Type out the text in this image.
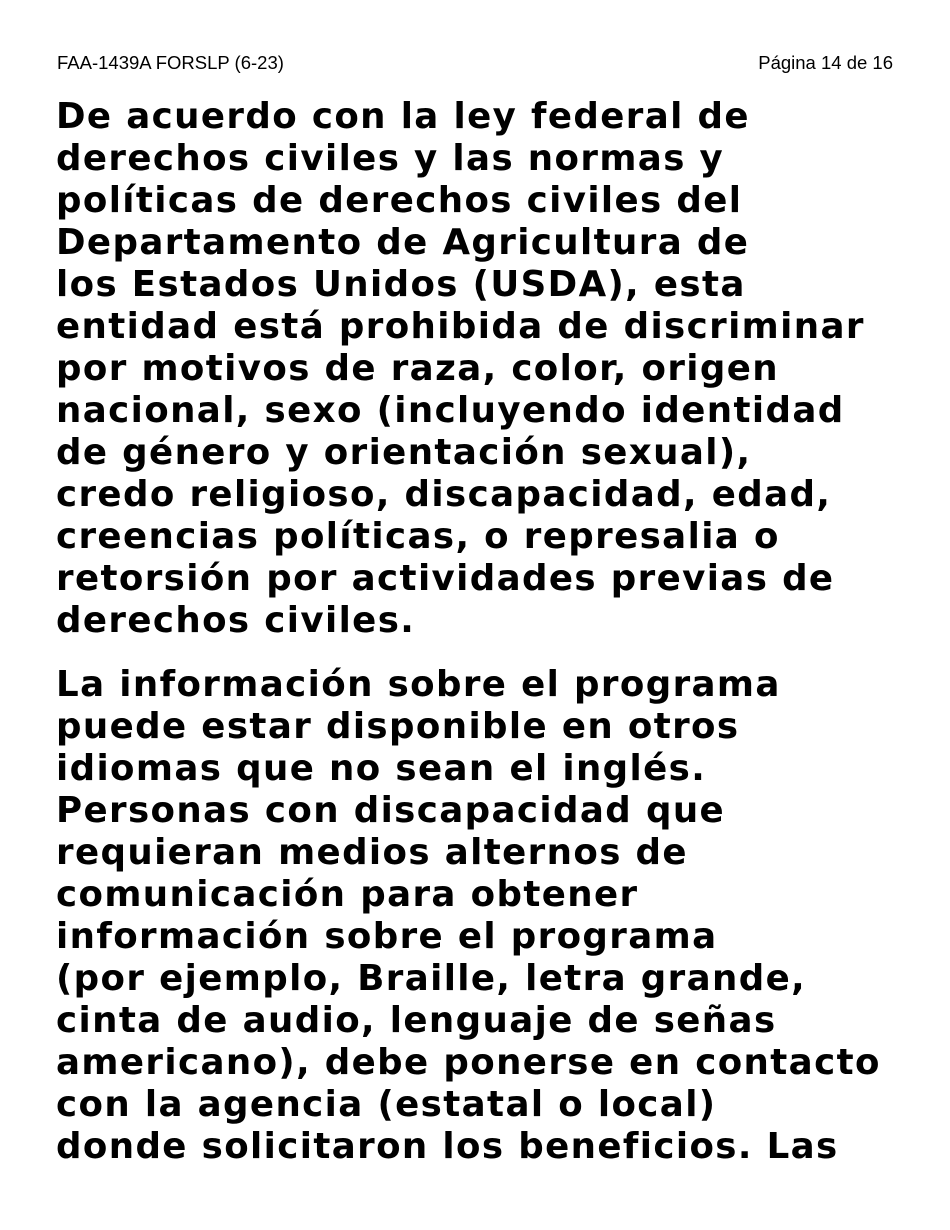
FAA-1439A FORSLP (6-23)	Página 14 de 16
De acuerdo con la ley federal de
derechos civiles y las normas y
políticas de derechos civiles del
Departamento de Agricultura de
los Estados Unidos (USDA), esta
entidad está prohibida de discriminar
por motivos de raza, color, origen
nacional, sexo (incluyendo identidad
de género y orientación sexual),
credo religioso, discapacidad, edad,
creencias políticas, o represalia o
retorsión por actividades previas de
derechos civiles.
La información sobre el programa
puede estar disponible en otros
idiomas que no sean el inglés.
Personas con discapacidad que
requieran medios alternos de
comunicación para obtener
información sobre el programa
(por ejemplo, Braille, letra grande,
cinta de audio, lenguaje de señas
americano), debe ponerse en contacto
con la agencia (estatal o local)
donde solicitaron los beneficios. Las
